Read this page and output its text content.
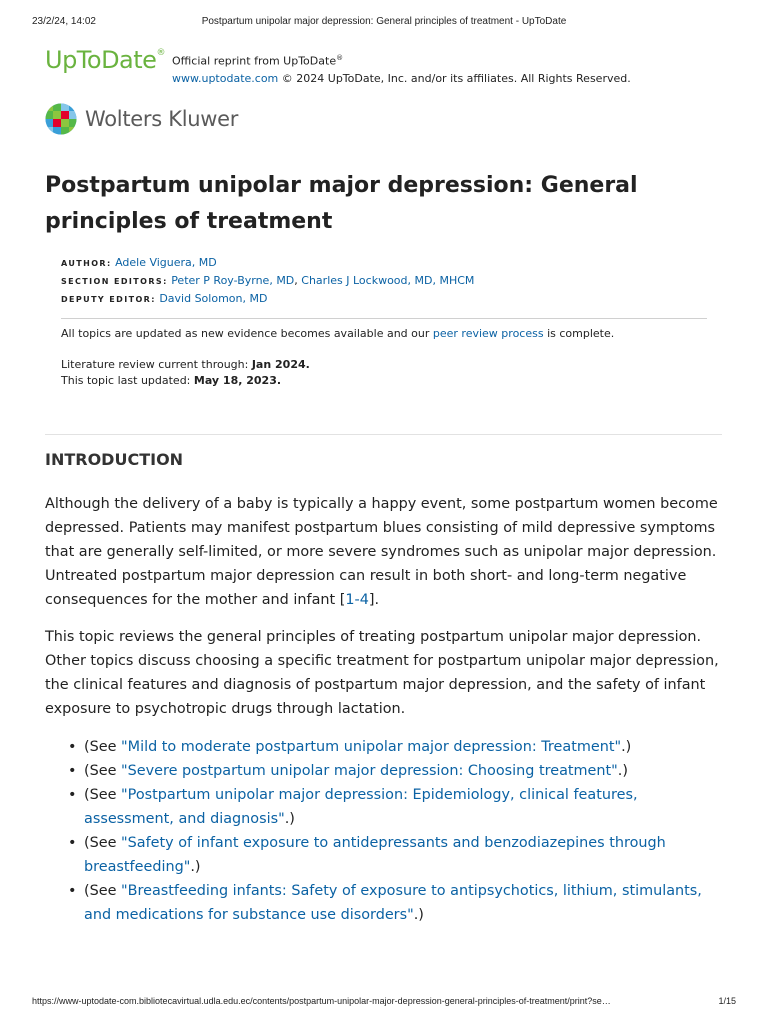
23/2/24, 14:02	Postpartum unipolar major depression: General principles of treatment - UpToDate
UpToDate®
Official reprint from UpToDate®
www.uptodate.com © 2024 UpToDate, Inc. and/or its affiliates. All Rights Reserved.
Wolters Kluwer
Postpartum unipolar major depression: General principles of treatment
AUTHOR: Adele Viguera, MD
SECTION EDITORS: Peter P Roy-Byrne, MD, Charles J Lockwood, MD, MHCM
DEPUTY EDITOR: David Solomon, MD
All topics are updated as new evidence becomes available and our peer review process is complete.
Literature review current through: Jan 2024.
This topic last updated: May 18, 2023.
INTRODUCTION

Although the delivery of a baby is typically a happy event, some postpartum women become depressed. Patients may manifest postpartum blues consisting of mild depressive symptoms that are generally self-limited, or more severe syndromes such as unipolar major depression. Untreated postpartum major depression can result in both short- and long-term negative consequences for the mother and infant [1-4].

This topic reviews the general principles of treating postpartum unipolar major depression. Other topics discuss choosing a specific treatment for postpartum unipolar major depression, the clinical features and diagnosis of postpartum major depression, and the safety of infant exposure to psychotropic drugs through lactation.

• (See "Mild to moderate postpartum unipolar major depression: Treatment".)
• (See "Severe postpartum unipolar major depression: Choosing treatment".)
• (See "Postpartum unipolar major depression: Epidemiology, clinical features, assessment, and diagnosis".)
• (See "Safety of infant exposure to antidepressants and benzodiazepines through breastfeeding".)
• (See "Breastfeeding infants: Safety of exposure to antipsychotics, lithium, stimulants, and medications for substance use disorders".)
https://www-uptodate-com.bibliotecavirtual.udla.edu.ec/contents/postpartum-unipolar-major-depression-general-principles-of-treatment/print?se…	1/15
